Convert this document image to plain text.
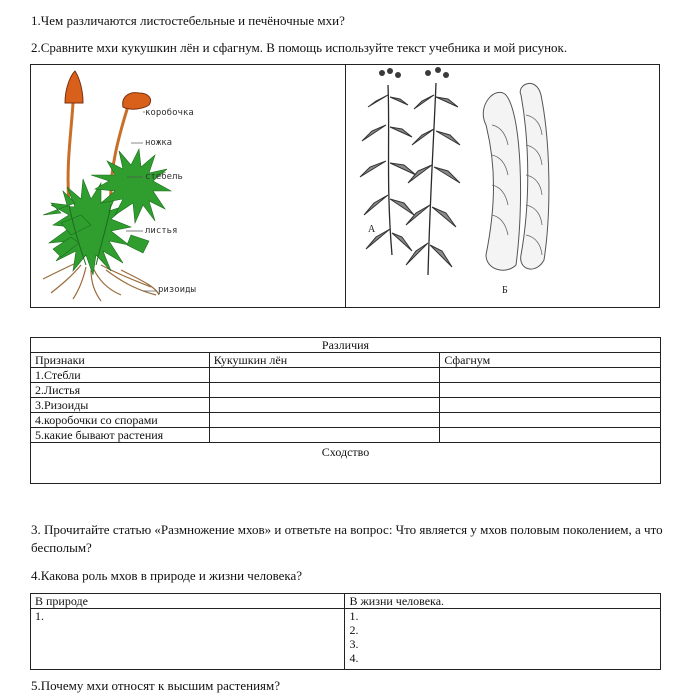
1.Чем различаются листостебельные и печёночные мхи?
2.Сравните мхи кукушкин лён и сфагнум. В помощь используйте текст учебника и мой рисунок.
коробочка
ножка
стебель
листья
ризоиды
А
Б
Различия		
Признаки	Кукушкин лён	Сфагнум
1.Стебли		
2.Листья		
3.Ризоиды		
4.коробочки со спорами		
5.какие бывают растения		
Сходство		
3. Прочитайте статью «Размножение мхов» и ответьте на вопрос: Что является у мхов половым поколением, а что бесполым?
4.Какова роль мхов в природе и жизни человека?
В природе	В жизни человека.

1.	1.
2.
3.
4.
5.Почему мхи относят к высшим растениям?
